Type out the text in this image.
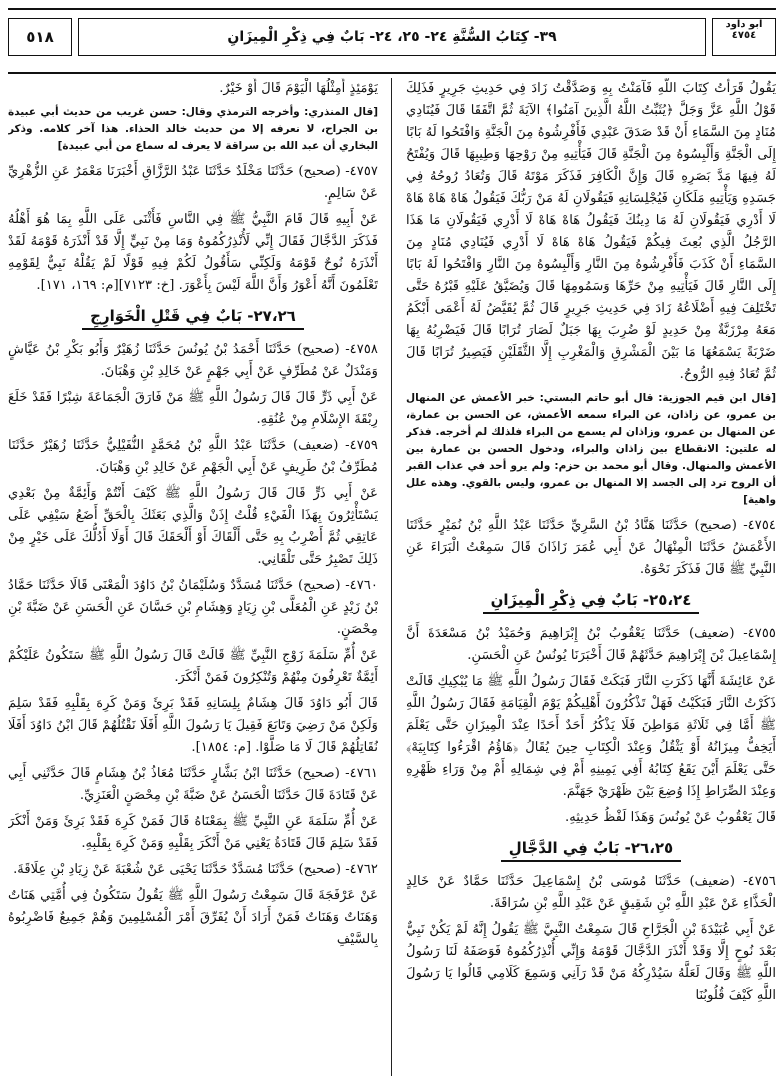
ابو داود
٤٧٥٤
٣٩- كِتَابُ السُّنَّةِ ٢٤- ٢٥، ٢٤- بَابٌ فِي ذِكْرِ الْمِيزَانِ
٥١٨

يَقُولُ قَرَأْتُ كِتَابَ اللَّهِ فَآمَنْتُ بِهِ وَصَدَّقْتُ زَادَ فِي حَدِيثِ جَرِيرٍ فَذَلِكَ قَوْلُ اللَّهِ عَزَّ وَجَلَّ ﴿يُثَبِّتُ اللَّهُ الَّذِينَ آمَنُوا﴾ الآيَةَ ثُمَّ اتَّفَقَا قَالَ فَيُنَادِي مُنَادٍ مِنَ السَّمَاءِ أَنْ قَدْ صَدَقَ عَبْدِي فَأَفْرِشُوهُ مِنَ الْجَنَّةِ وَافْتَحُوا لَهُ بَابًا إِلَى الْجَنَّةِ وَأَلْبِسُوهُ مِنَ الْجَنَّةِ قَالَ فَيَأْتِيهِ مِنْ رَوْحِهَا وَطِيبِهَا قَالَ وَيُفْتَحُ لَهُ فِيهَا مَدَّ بَصَرِهِ قَالَ وَإِنَّ الْكَافِرَ فَذَكَرَ مَوْتَهُ قَالَ وَتُعَادُ رُوحُهُ فِي جَسَدِهِ وَيَأْتِيهِ مَلَكَانِ فَيُجْلِسَانِهِ فَيَقُولَانِ لَهُ مَنْ رَبُّكَ فَيَقُولُ هَاهْ هَاهْ هَاهْ لَا أَدْرِي فَيَقُولَانِ لَهُ مَا دِينُكَ فَيَقُولُ هَاهْ هَاهْ لَا أَدْرِي فَيَقُولَانِ مَا هَذَا الرَّجُلُ الَّذِي بُعِثَ فِيكُمْ فَيَقُولُ هَاهْ هَاهْ لَا أَدْرِي فَيُنَادِي مُنَادٍ مِنَ السَّمَاءِ أَنْ كَذَبَ فَأَفْرِشُوهُ مِنَ النَّارِ وَأَلْبِسُوهُ مِنَ النَّارِ وَافْتَحُوا لَهُ بَابًا إِلَى النَّارِ قَالَ فَيَأْتِيهِ مِنْ حَرِّهَا وَسَمُومِهَا قَالَ وَيُضَيَّقُ عَلَيْهِ قَبْرُهُ حَتَّى تَخْتَلِفَ فِيهِ أَضْلَاعُهُ زَادَ فِي حَدِيثِ جَرِيرٍ قَالَ ثُمَّ يُقَيَّضُ لَهُ أَعْمَى أَبْكَمُ مَعَهُ مِرْزَبَّةٌ مِنْ حَدِيدٍ لَوْ ضُرِبَ بِهَا جَبَلٌ لَصَارَ تُرَابًا قَالَ فَيَضْرِبُهُ بِهَا ضَرْبَةً يَسْمَعُهَا مَا بَيْنَ الْمَشْرِقِ وَالْمَغْرِبِ إِلَّا الثَّقَلَيْنِ فَيَصِيرُ تُرَابًا قَالَ ثُمَّ تُعَادُ فِيهِ الرُّوحُ.

[قال ابن قيم الجوزية: قال أبو حاتم البستي: خبر الأعمش عن المنهال بن عمرو، عن زاذان، عن البراء سمعه الأعمش، عن الحسن بن عمارة، عن المنهال بن عمرو، وزاذان لم يسمع من البراء فلذلك لم أخرجه. فذكر له علتين: الانقطاع بين زاذان والبراء، ودخول الحسن بن عمارة بين الأعمش والمنهال. وقال أبو محمد بن حزم: ولم يرو أحد في عذاب القبر أن الروح ترد إلى الجسد إلا المنهال بن عمرو، وليس بالقوي. وهذه علل واهية]

٤٧٥٤- (صحيح) حَدَّثَنَا هَنَّادُ بْنُ السَّرِيِّ حَدَّثَنَا عَبْدُ اللَّهِ بْنُ نُمَيْرٍ حَدَّثَنَا الأَعْمَشُ حَدَّثَنَا الْمِنْهَالُ عَنْ أَبِي عُمَرَ زَاذَانَ قَالَ سَمِعْتُ الْبَرَاءَ عَنِ النَّبِيِّ ﷺ قَالَ فَذَكَرَ نَحْوَهُ.

٢٥،٢٤- بَابٌ فِي ذِكْرِ الْمِيزَانِ

٤٧٥٥- (ضعيف) حَدَّثَنَا يَعْقُوبُ بْنُ إِبْرَاهِيمَ وَحُمَيْدُ بْنُ مَسْعَدَةَ أَنَّ إِسْمَاعِيلَ بْنَ إِبْرَاهِيمَ حَدَّثَهُمْ قَالَ أَخْبَرَنَا يُونُسُ عَنِ الْحَسَنِ.

عَنْ عَائِشَةَ أَنَّهَا ذَكَرَتِ النَّارَ فَبَكَتْ فَقَالَ رَسُولُ اللَّهِ ﷺ مَا يُبْكِيكِ قَالَتْ ذَكَرْتُ النَّارَ فَبَكَيْتُ فَهَلْ تَذْكُرُونَ أَهْلِيكُمْ يَوْمَ الْقِيَامَةِ فَقَالَ رَسُولُ اللَّهِ ﷺ أَمَّا فِي ثَلَاثَةِ مَوَاطِنَ فَلَا يَذْكُرُ أَحَدٌ أَحَدًا عِنْدَ الْمِيزَانِ حَتَّى يَعْلَمَ أَيَخِفُّ مِيزَانُهُ أَوْ يَثْقُلُ وَعِنْدَ الْكِتَابِ حِينَ يُقَالُ ﴿هَاؤُمُ اقْرَءُوا كِتَابِيَهْ﴾ حَتَّى يَعْلَمَ أَيْنَ يَقَعُ كِتَابُهُ أَفِي يَمِينِهِ أَمْ فِي شِمَالِهِ أَمْ مِنْ وَرَاءِ ظَهْرِهِ وَعِنْدَ الصِّرَاطِ إِذَا وُضِعَ بَيْنَ ظَهْرَيْ جَهَنَّمَ.

قَالَ يَعْقُوبُ عَنْ يُونُسَ وَهَذَا لَفْظُ حَدِيثِهِ.

٢٦،٢٥- بَابٌ فِي الدَّجَّالِ

٤٧٥٦- (ضعيف) حَدَّثَنَا مُوسَى بْنُ إِسْمَاعِيلَ حَدَّثَنَا حَمَّادٌ عَنْ خَالِدٍ الْحَذَّاءِ عَنْ عَبْدِ اللَّهِ بْنِ شَقِيقٍ عَنْ عَبْدِ اللَّهِ بْنِ سُرَاقَةَ.

عَنْ أَبِي عُبَيْدَةَ بْنِ الْجَرَّاحِ قَالَ سَمِعْتُ النَّبِيَّ ﷺ يَقُولُ إِنَّهُ لَمْ يَكُنْ نَبِيٌّ بَعْدَ نُوحٍ إِلَّا وَقَدْ أَنْذَرَ الدَّجَّالَ قَوْمَهُ وَإِنِّي أُنْذِرُكُمُوهُ فَوَصَفَهُ لَنَا رَسُولُ اللَّهِ ﷺ وَقَالَ لَعَلَّهُ سَيُدْرِكُهُ مَنْ قَدْ رَآنِي وَسَمِعَ كَلَامِي قَالُوا يَا رَسُولَ اللَّهِ كَيْفَ قُلُوبُنَا

يَوْمَئِذٍ أَمِثْلُهَا الْيَوْمَ قَالَ أَوْ خَيْرٌ.

[قال المنذري: وأخرجه الترمذي وقال: حسن غريب من حديث أبي عبيدة بن الجراح، لا نعرفه إلا من حديث خالد الحذاء. هذا آخر كلامه. وذكر البخاري أن عبد الله بن سراقة لا يعرف له سماع من أبي عبيدة]

٤٧٥٧- (صحيح) حَدَّثَنَا مَخْلَدٌ حَدَّثَنَا عَبْدُ الرَّزَّاقِ أَخْبَرَنَا مَعْمَرٌ عَنِ الزُّهْرِيِّ عَنْ سَالِمٍ.

عَنْ أَبِيهِ قَالَ قَامَ النَّبِيُّ ﷺ فِي النَّاسِ فَأَثْنَى عَلَى اللَّهِ بِمَا هُوَ أَهْلُهُ فَذَكَرَ الدَّجَّالَ فَقَالَ إِنِّي لَأُنْذِرُكُمُوهُ وَمَا مِنْ نَبِيٍّ إِلَّا قَدْ أَنْذَرَهُ قَوْمَهُ لَقَدْ أَنْذَرَهُ نُوحٌ قَوْمَهُ وَلَكِنِّي سَأَقُولُ لَكُمْ فِيهِ قَوْلًا لَمْ يَقُلْهُ نَبِيٌّ لِقَوْمِهِ تَعْلَمُونَ أَنَّهُ أَعْوَرُ وَأَنَّ اللَّهَ لَيْسَ بِأَعْوَرَ. [خ: ٧١٢٣][م: ١٦٩، ١٧١].

٢٧،٢٦- بَابٌ فِي قَتْلِ الْخَوَارِجِ

٤٧٥٨- (صحيح) حَدَّثَنَا أَحْمَدُ بْنُ يُونُسَ حَدَّثَنَا زُهَيْرٌ وَأَبُو بَكْرِ بْنُ عَيَّاشٍ وَمَنْدَلٌ عَنْ مُطَرِّفٍ عَنْ أَبِي جَهْمٍ عَنْ خَالِدِ بْنِ وَهْبَانَ.

عَنْ أَبِي ذَرٍّ قَالَ قَالَ رَسُولُ اللَّهِ ﷺ مَنْ فَارَقَ الْجَمَاعَةَ شِبْرًا فَقَدْ خَلَعَ رِبْقَةَ الإِسْلَامِ مِنْ عُنُقِهِ.

٤٧٥٩- (ضعيف) حَدَّثَنَا عَبْدُ اللَّهِ بْنُ مُحَمَّدٍ النُّفَيْلِيُّ حَدَّثَنَا زُهَيْرٌ حَدَّثَنَا مُطَرِّفُ بْنُ طَرِيفٍ عَنْ أَبِي الْجَهْمِ عَنْ خَالِدِ بْنِ وَهْبَانَ.

عَنْ أَبِي ذَرٍّ قَالَ قَالَ رَسُولُ اللَّهِ ﷺ كَيْفَ أَنْتُمْ وَأَئِمَّةٌ مِنْ بَعْدِي يَسْتَأْثِرُونَ بِهَذَا الْفَيْءِ قُلْتُ إِذَنْ وَالَّذِي بَعَثَكَ بِالْحَقِّ أَضَعُ سَيْفِي عَلَى عَاتِقِي ثُمَّ أَضْرِبُ بِهِ حَتَّى أَلْقَاكَ أَوْ أَلْحَقَكَ قَالَ أَوَلَا أَدُلُّكَ عَلَى خَيْرٍ مِنْ ذَلِكَ تَصْبِرُ حَتَّى تَلْقَانِي.

٤٧٦٠- (صحيح) حَدَّثَنَا مُسَدَّدٌ وَسُلَيْمَانُ بْنُ دَاوُدَ الْمَعْنَى قَالَا حَدَّثَنَا حَمَّادُ بْنُ زَيْدٍ عَنِ الْمُعَلَّى بْنِ زِيَادٍ وَهِشَامِ بْنِ حَسَّانَ عَنِ الْحَسَنِ عَنْ ضَبَّةَ بْنِ مِحْصَنٍ.

عَنْ أُمِّ سَلَمَةَ زَوْجِ النَّبِيِّ ﷺ قَالَتْ قَالَ رَسُولُ اللَّهِ ﷺ سَتَكُونُ عَلَيْكُمْ أَئِمَّةٌ تَعْرِفُونَ مِنْهُمْ وَتُنْكِرُونَ فَمَنْ أَنْكَرَ.

قَالَ أَبُو دَاوُدَ قَالَ هِشَامٌ بِلِسَانِهِ فَقَدْ بَرِئَ وَمَنْ كَرِهَ بِقَلْبِهِ فَقَدْ سَلِمَ وَلَكِنْ مَنْ رَضِيَ وَتَابَعَ فَقِيلَ يَا رَسُولَ اللَّهِ أَفَلَا نَقْتُلُهُمْ قَالَ ابْنُ دَاوُدَ أَفَلَا نُقَاتِلُهُمْ قَالَ لَا مَا صَلَّوْا. [م: ١٨٥٤].

٤٧٦١- (صحيح) حَدَّثَنَا ابْنُ بَشَّارٍ حَدَّثَنَا مُعَاذُ بْنُ هِشَامٍ قَالَ حَدَّثَنِي أَبِي عَنْ قَتَادَةَ قَالَ حَدَّثَنَا الْحَسَنُ عَنْ ضَبَّةَ بْنِ مِحْصَنٍ الْعَنَزِيِّ.

عَنْ أُمِّ سَلَمَةَ عَنِ النَّبِيِّ ﷺ بِمَعْنَاهُ قَالَ فَمَنْ كَرِهَ فَقَدْ بَرِئَ وَمَنْ أَنْكَرَ فَقَدْ سَلِمَ قَالَ قَتَادَةُ يَعْنِي مَنْ أَنْكَرَ بِقَلْبِهِ وَمَنْ كَرِهَ بِقَلْبِهِ.

٤٧٦٢- (صحيح) حَدَّثَنَا مُسَدَّدٌ حَدَّثَنَا يَحْيَى عَنْ شُعْبَةَ عَنْ زِيَادِ بْنِ عِلَاقَةَ.

عَنْ عَرْفَجَةَ قَالَ سَمِعْتُ رَسُولَ اللَّهِ ﷺ يَقُولُ سَتَكُونُ فِي أُمَّتِي هَنَاتٌ وَهَنَاتٌ وَهَنَاتٌ فَمَنْ أَرَادَ أَنْ يُفَرِّقَ أَمْرَ الْمُسْلِمِينَ وَهُمْ جَمِيعٌ فَاضْرِبُوهُ بِالسَّيْفِ
